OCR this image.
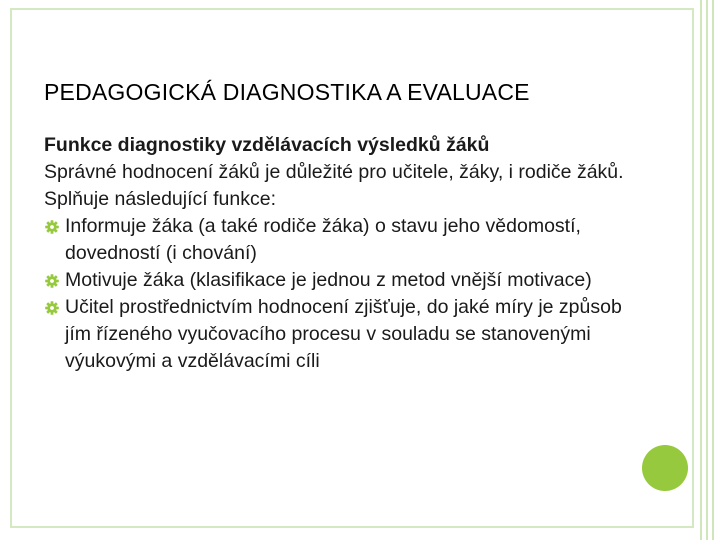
PEDAGOGICKÁ DIAGNOSTIKA A EVALUACE

Funkce diagnostiky vzdělávacích výsledků žáků

Správné hodnocení žáků je důležité pro učitele, žáky, i rodiče žáků. Splňuje následující funkce:

Informuje žáka (a také rodiče žáka) o stavu jeho vědomostí, dovedností (i chování)
Motivuje žáka (klasifikace je jednou z metod vnější motivace)
Učitel prostřednictvím hodnocení zjišťuje, do jaké míry je způsob jím řízeného vyučovacího procesu v souladu se stanovenými výukovými a vzdělávacími cíli
